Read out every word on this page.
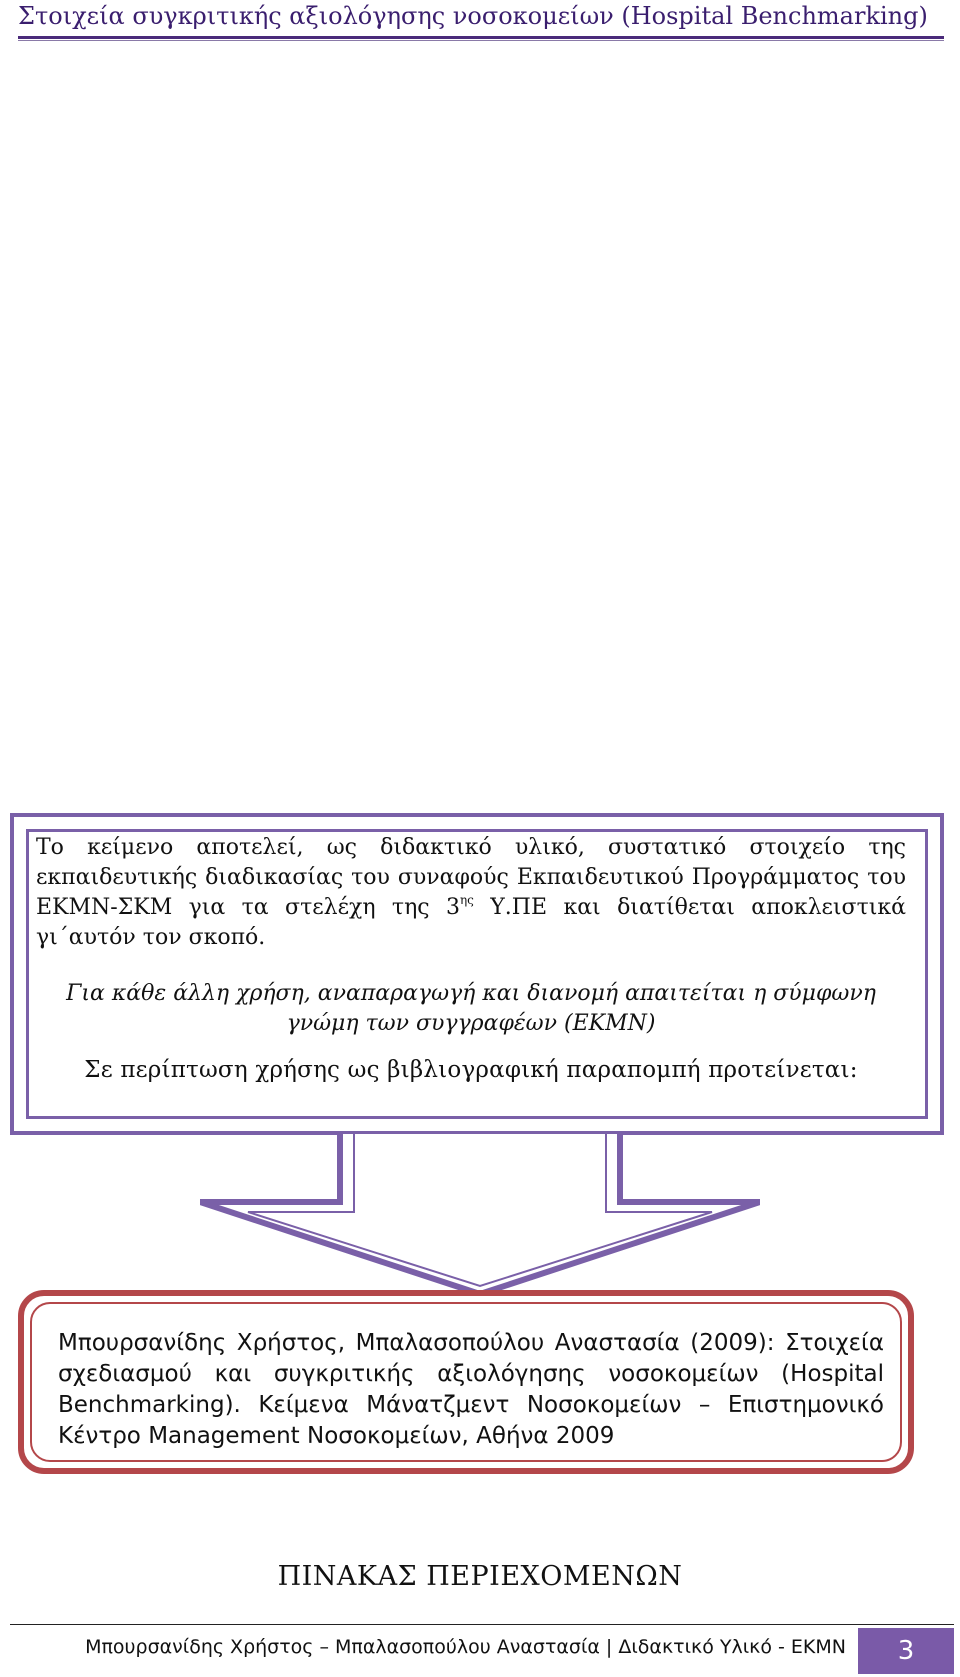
Στοιχεία συγκριτικής αξιολόγησης νοσοκομείων (Hospital Benchmarking)
Το κείμενο αποτελεί, ως διδακτικό υλικό, συστατικό στοιχείο της εκπαιδευτικής διαδικασίας του συναφούς Εκπαιδευτικού Προγράμματος του ΕΚΜΝ-ΣΚΜ για τα στελέχη της $3^{\eta\varsigma}$ Υ.ΠΕ και διατίθεται αποκλειστικά γι΄αυτόν τον σκοπό.
Για κάθε άλλη χρήση, αναπαραγωγή και διανομή απαιτείται η σύμφωνη γνώμη των συγγραφέων (ΕΚΜΝ)
Σε περίπτωση χρήσης ως βιβλιογραφική παραπομπή προτείνεται:
Μπουρσανίδης Χρήστος, Μπαλασοπούλου Αναστασία (2009): Στοιχεία σχεδιασμού και συγκριτικής αξιολόγησης νοσοκομείων (Hospital Benchmarking). Κείμενα Μάνατζμεντ Νοσοκομείων – Επιστημονικό Κέντρο Management Νοσοκομείων, Αθήνα 2009
ΠΙΝΑΚΑΣ ΠΕΡΙΕΧΟΜΕΝΩΝ
Μπουρσανίδης Χρήστος – Μπαλασοπούλου Αναστασία | Διδακτικό Υλικό - ΕΚΜΝ	3
